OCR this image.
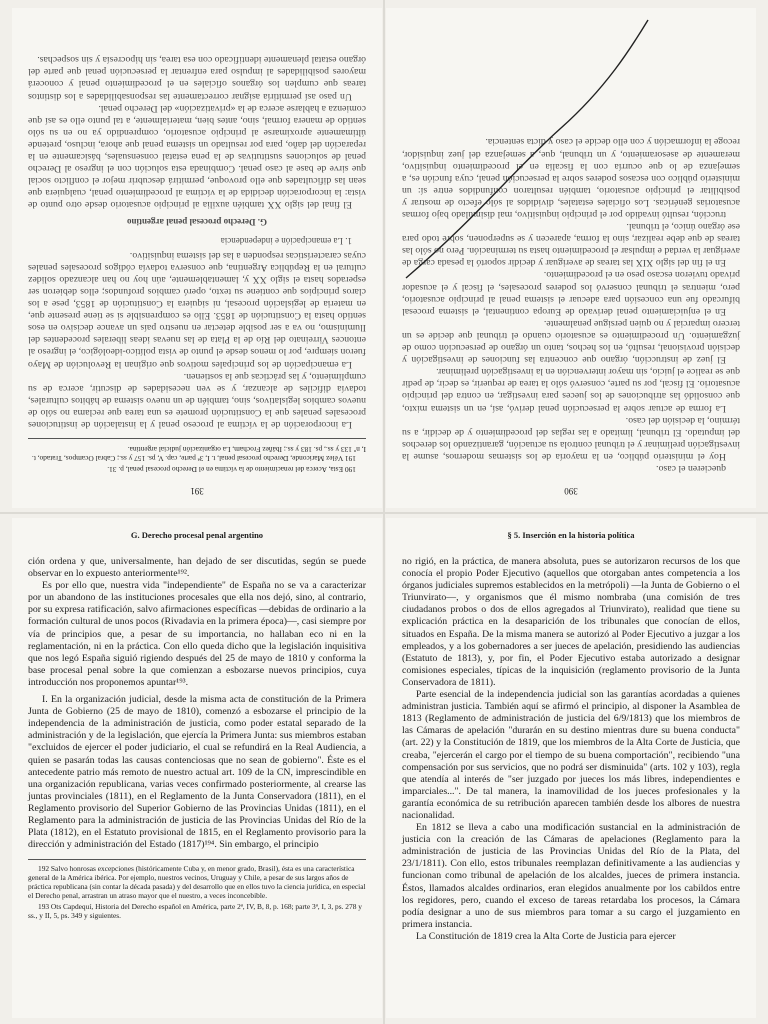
391

190 Esta, Acerca del renacimiento de la víctima en el Derecho procesal penal, p. 31.

191 Vélez Mariconde, Derecho procesal penal, t. I, 3ª parte, cap. V, ps. 157 y ss.; Cabral Ocampos, Tratado, t. I, nº 133 y ss., ps. 183 y ss.; Ibáñez Frocham, La organización judicial argentina.

La incorporación de la víctima al proceso penal y la instalación de instituciones procesales penales que la Constitución promete es una tarea que reclama no sólo de nuevos cambios legislativos, sino, también de un nuevo sistema de hábitos culturales, todavía difíciles de alcanzar, y se ven necesidades de discutir, acerca de su cumplimiento, y las prácticas que la sostienen.

La emancipación de los principales motivos que originan la Revolución de Mayo fueron siempre, por lo menos desde el punto de vista político-ideológico, el ingreso al entonces Virreinato del Río de la Plata de las nuevas ideas liberales procedentes del Iluminismo, no va a ser posible detectar en nuestro país un avance decisivo en esos sentido hasta la Constitución de 1853. Ello es comprensible si se tiene presente que, en materia de legislación procesal, ni siquiera la Constitución de 1853, pese a los claros principios que contiene su texto, operó cambios profundos; ellos debieron ser esperados hasta el siglo XX y, lamentablemente, aún hoy no han alcanzado solidez cultural en la República Argentina, que conserva todavía códigos procesales penales cuyas características responden a las del sistema inquisitivo.

1. La emancipación e independencia
G. Derecho procesal penal argentino

El final del siglo XX también auxilia al principio acusatorio desde otro punto de vista: la incorporación decidida de la víctima al procedimiento penal, cualquiera que sean las dificultades que ello provoque, permitirá descubrir mejor el conflicto social que sirve de base al caso penal. Combinada esta solución con el ingreso al Derecho penal de soluciones sustitutivas de la pena estatal consensuales, básicamente en la reparación del daño, para por resultado un sistema penal que ahora, incluso, pretende últimamente aproximarse al principio acusatorio, comprendido ya no en su sólo sentido de manera formal, sino, antes bien, materialmente, a tal punto ello es así que comienza a hablarse acerca de la «privatización» del Derecho penal.

Un paso así permitiría asignar correctamente las responsabilidades a los distintos tareas que cumplen los órganos oficiales en el procedimiento penal y conocerá mayores posibilidades al impulso para enfrentar la persecución penal que parte del órgano estatal plenamente identificado con esa tarea, sin hipocresía y sin sospechas.

390

quecieren el caso.

Hoy el ministerio público, en la mayoría de los sistemas modernos, asume la investigación preliminar y el tribunal controla su actuación, garantizando los derechos del imputado. El tribunal, limitado a las reglas del procedimiento y de decidir, a su término, la decisión del caso.

La forma de actuar sobre la persecución penal derivó, así, en un sistema mixto, que consolidó las atribuciones de los jueces para investigar, en contra del principio acusatorio. El fiscal, por su parte, conservó sólo la tarea de requerir, es decir, de pedir que se realice el juicio, sin mayor intervención en la investigación preliminar.

El juez de instrucción, órgano que concentra las funciones de investigación y decisión provisional, resultó, en los hechos, tanto un órgano de persecución como de juzgamiento. Un procedimiento es acusatorio cuando el tribunal que decide es un tercero imparcial y no quien persigue penalmente.

En el enjuiciamiento penal derivado de Europa continental, el sistema procesal bifurcado fue una concesión para adecuar el sistema penal al principio acusatorio, pero, mientras el tribunal conservó los poderes procesales, el fiscal y el acusador privado tuvieron escaso peso en el procedimiento.

En el fin del siglo XIX las tareas de averiguar y decidir soportó la pesada carga de averiguar la verdad e impulsar el procedimiento hasta su terminación. Pero no sólo las tareas de que debe realizar, sino la forma, aparecen y se superponen, sobre todo para ese órgano único, el tribunal.

trucción, resultó invadido por el principio inquisitivo, mal disimulado bajo formas acusatorias genéricas. Los oficiales estatales, divididos al sólo efecto de mostrar y posibilitar el principio acusatorio, también resultaron confundidos entre sí: un ministerio público con escasos poderes sobre la persecución penal, cuya función es, a semejanza de lo que ocurría con la fiscalía en el procedimiento inquisitivo, meramente de asesoramiento, y un tribunal, que, a semejanza del juez inquisidor, recoge la información y con ello decide el caso y dicta sentencia.

G. Derecho procesal penal argentino

ción ordena y que, universalmente, han dejado de ser discutidas, según se puede observar en lo expuesto anteriormente¹⁹².

Es por ello que, nuestra vida "independiente" de España no se va a caracterizar por un abandono de las instituciones procesales que ella nos dejó, sino, al contrario, por su expresa ratificación, salvo afirmaciones específicas —debidas de ordinario a la formación cultural de unos pocos (Rivadavia en la primera época)—, casi siempre por vía de principios que, a pesar de su importancia, no hallaban eco ni en la reglamentación, ni en la práctica. Con ello queda dicho que la legislación inquisitiva que nos legó España siguió rigiendo después del 25 de mayo de 1810 y conforma la base procesal penal sobre la que comienzan a esbozarse nuevos principios, cuya introducción nos proponemos apuntar¹⁹³.

I. En la organización judicial, desde la misma acta de constitución de la Primera Junta de Gobierno (25 de mayo de 1810), comenzó a esbozarse el principio de la independencia de la administración de justicia, como poder estatal separado de la administración y de la legislación, que ejercía la Primera Junta: sus miembros estaban "excluidos de ejercer el poder judiciario, el cual se refundirá en la Real Audiencia, a quien se pasarán todas las causas contenciosas que no sean de gobierno". Éste es el antecedente patrio más remoto de nuestro actual art. 109 de la CN, imprescindible en una organización republicana, varias veces confirmado posteriormente, al crearse las juntas provinciales (1811), en el Reglamento de la Junta Conservadora (1811), en el Reglamento provisorio del Superior Gobierno de las Provincias Unidas (1811), en el Reglamento para la administración de justicia de las Provincias Unidas del Río de la Plata (1812), en el Estatuto provisional de 1815, en el Reglamento provisorio para la dirección y administración del Estado (1817)¹⁹⁴. Sin embargo, el principio

192 Salvo honrosas excepciones (históricamente Cuba y, en menor grado, Brasil), ésta es una característica general de la América ibérica. Por ejemplo, nuestros vecinos, Uruguay y Chile, a pesar de sus largos años de práctica republicana (sin contar la década pasada) y del desarrollo que en ellos tuvo la ciencia jurídica, en especial el Derecho penal, arrastran un atraso mayor que el nuestro, a veces inconcebible.

193 Ots Capdequí, Historia del Derecho español en América, parte 2ª, IV, B, 8, p. 168; parte 3ª, I, 3, ps. 278 y ss., y II, 5, ps. 349 y siguientes.

§ 5. Inserción en la historia política

no rigió, en la práctica, de manera absoluta, pues se autorizaron recursos de los que conocía el propio Poder Ejecutivo (aquellos que otorgaban antes competencia a los órganos judiciales supremos establecidos en la metrópoli) —la Junta de Gobierno o el Triunvirato—, y organismos que él mismo nombraba (una comisión de tres ciudadanos probos o dos de ellos agregados al Triunvirato), realidad que tiene su explicación práctica en la desaparición de los tribunales que conocían de ellos, situados en España. De la misma manera se autorizó al Poder Ejecutivo a juzgar a los empleados, y a los gobernadores a ser jueces de apelación, presidiendo las audiencias (Estatuto de 1813), y, por fin, el Poder Ejecutivo estaba autorizado a designar comisiones especiales, típicas de la inquisición (reglamento provisorio de la Junta Conservadora de 1811).

Parte esencial de la independencia judicial son las garantías acordadas a quienes administran justicia. También aquí se afirmó el principio, al disponer la Asamblea de 1813 (Reglamento de administración de justicia del 6/9/1813) que los miembros de las Cámaras de apelación "durarán en su destino mientras dure su buena conducta" (art. 22) y la Constitución de 1819, que los miembros de la Alta Corte de Justicia, que creaba, "ejercerán el cargo por el tiempo de su buena comportación", recibiendo "una compensación por sus servicios, que no podrá ser disminuida" (arts. 102 y 103), regla que atendía al interés de "ser juzgado por jueces los más libres, independientes e imparciales...". De tal manera, la inamovilidad de los jueces profesionales y la garantía económica de su retribución aparecen también desde los albores de nuestra nacionalidad.

En 1812 se lleva a cabo una modificación sustancial en la administración de justicia con la creación de las Cámaras de apelaciones (Reglamento para la administración de justicia de las Provincias Unidas del Río de la Plata, del 23/1/1811). Con ello, estos tribunales reemplazan definitivamente a las audiencias y funcionan como tribunal de apelación de los alcaldes, jueces de primera instancia. Éstos, llamados alcaldes ordinarios, eran elegidos anualmente por los cabildos entre los regidores, pero, cuando el exceso de tareas retardaba los procesos, la Cámara podía designar a uno de sus miembros para tomar a su cargo el juzgamiento en primera instancia.

La Constitución de 1819 crea la Alta Corte de Justicia para ejercer
